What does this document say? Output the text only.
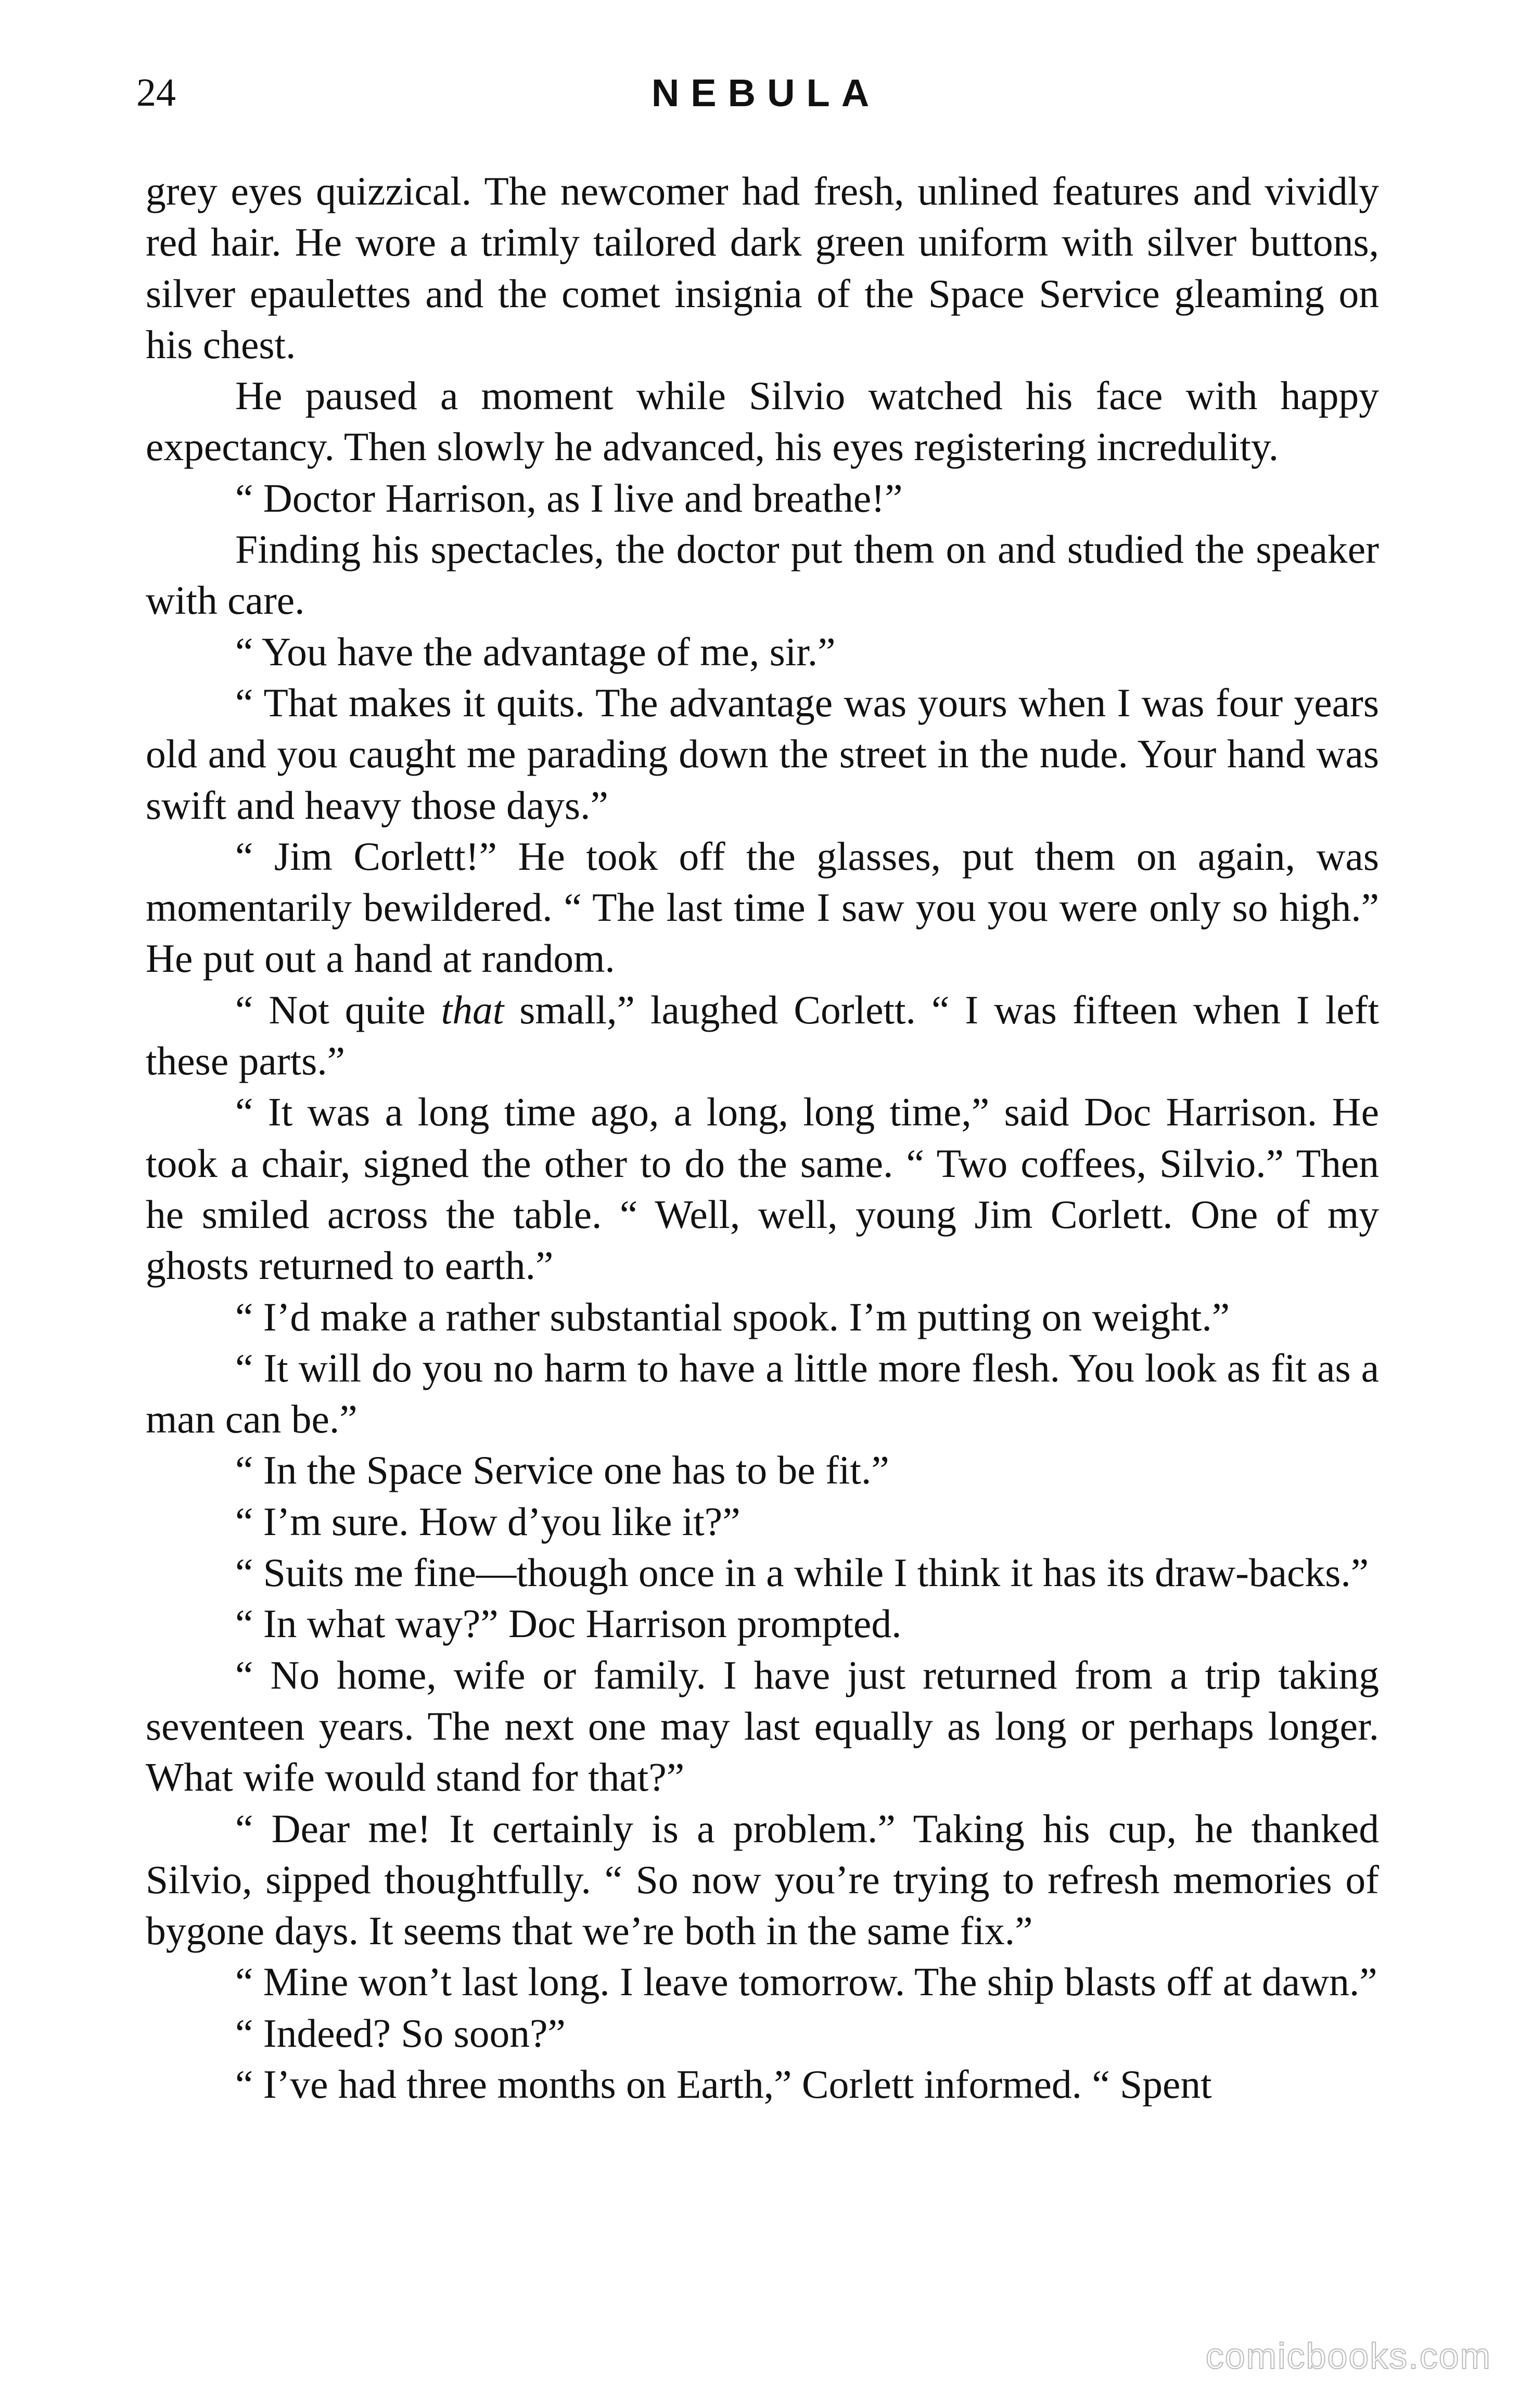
24	NEBULA

grey eyes quizzical. The newcomer had fresh, unlined features and vividly red hair. He wore a trimly tailored dark green uniform with silver buttons, silver epaulettes and the comet insignia of the Space Service gleaming on his chest.

He paused a moment while Silvio watched his face with happy expectancy. Then slowly he advanced, his eyes registering incredulity.

“ Doctor Harrison, as I live and breathe!”

Finding his spectacles, the doctor put them on and studied the speaker with care.

“ You have the advantage of me, sir.”

“ That makes it quits. The advantage was yours when I was four years old and you caught me parading down the street in the nude. Your hand was swift and heavy those days.”

“ Jim Corlett!” He took off the glasses, put them on again, was momentarily bewildered. “ The last time I saw you you were only so high.” He put out a hand at random.

“ Not quite that small,” laughed Corlett. “ I was fifteen when I left these parts.”

“ It was a long time ago, a long, long time,” said Doc Harrison. He took a chair, signed the other to do the same. “ Two coffees, Silvio.” Then he smiled across the table. “ Well, well, young Jim Corlett. One of my ghosts returned to earth.”

“ I’d make a rather substantial spook. I’m putting on weight.”

“ It will do you no harm to have a little more flesh. You look as fit as a man can be.”

“ In the Space Service one has to be fit.”

“ I’m sure. How d’you like it?”

“ Suits me fine—though once in a while I think it has its draw-backs.”

“ In what way?” Doc Harrison prompted.

“ No home, wife or family. I have just returned from a trip taking seventeen years. The next one may last equally as long or perhaps longer. What wife would stand for that?”

“ Dear me! It certainly is a problem.” Taking his cup, he thanked Silvio, sipped thoughtfully. “ So now you’re trying to refresh memories of bygone days. It seems that we’re both in the same fix.”

“ Mine won’t last long. I leave tomorrow. The ship blasts off at dawn.”

“ Indeed? So soon?”

“ I’ve had three months on Earth,” Corlett informed. “ Spent

comicbooks.com
